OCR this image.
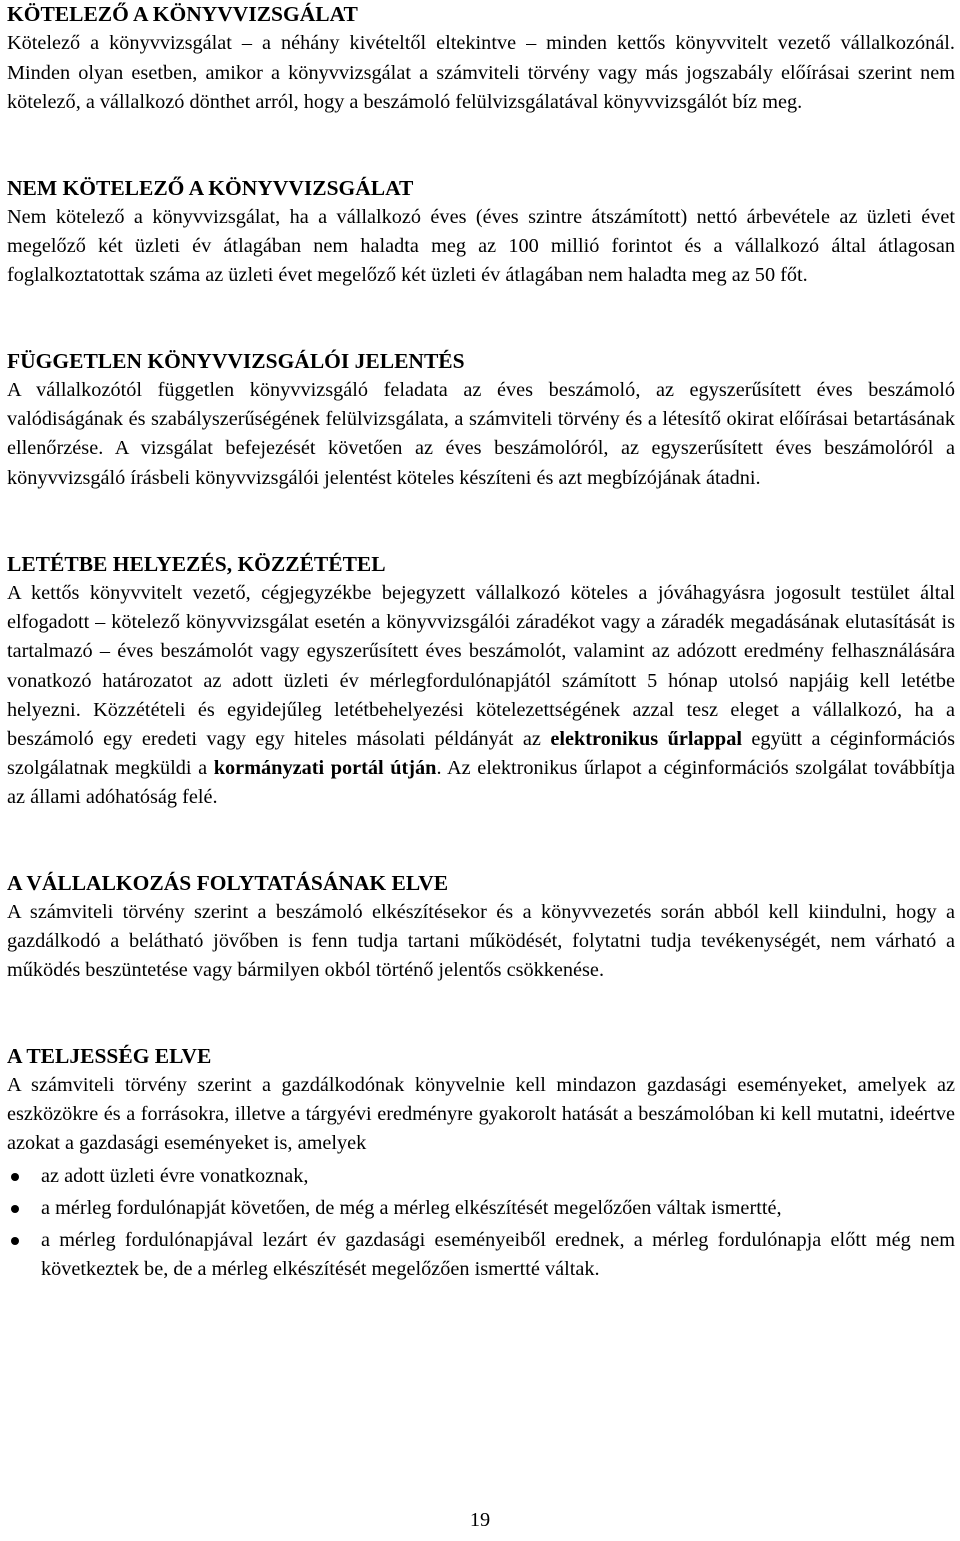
KÖTELEZŐ A KÖNYVVIZSGÁLAT

Kötelező a könyvvizsgálat – a néhány kivételtől eltekintve – minden kettős könyvvitelt vezető vállalkozónál. Minden olyan esetben, amikor a könyvvizsgálat a számviteli törvény vagy más jogszabály előírásai szerint nem kötelező, a vállalkozó dönthet arról, hogy a beszámoló felülvizsgálatával könyvvizsgálót bíz meg.

NEM KÖTELEZŐ A KÖNYVVIZSGÁLAT

Nem kötelező a könyvvizsgálat, ha a vállalkozó éves (éves szintre átszámított) nettó árbevétele az üzleti évet megelőző két üzleti év átlagában nem haladta meg az 100 millió forintot és a vállalkozó által átlagosan foglalkoztatottak száma az üzleti évet megelőző két üzleti év átlagában nem haladta meg az 50 főt.

FÜGGETLEN KÖNYVVIZSGÁLÓI JELENTÉS

A vállalkozótól független könyvvizsgáló feladata az éves beszámoló, az egyszerűsített éves beszámoló valódiságának és szabályszerűségének felülvizsgálata, a számviteli törvény és a létesítő okirat előírásai betartásának ellenőrzése. A vizsgálat befejezését követően az éves beszámolóról, az egyszerűsített éves beszámolóról a könyvvizsgáló írásbeli könyvvizsgálói jelentést köteles készíteni és azt megbízójának átadni.

LETÉTBE HELYEZÉS, KÖZZÉTÉTEL

A kettős könyvvitelt vezető, cégjegyzékbe bejegyzett vállalkozó köteles a jóváhagyásra jogosult testület által elfogadott – kötelező könyvvizsgálat esetén a könyvvizsgálói záradékot vagy a záradék megadásának elutasítását is tartalmazó – éves beszámolót vagy egyszerűsített éves beszámolót, valamint az adózott eredmény felhasználására vonatkozó határozatot az adott üzleti év mérlegfordulónapjától számított 5 hónap utolsó napjáig kell letétbe helyezni. Közzétételi és egyidejűleg letétbehelyezési kötelezettségének azzal tesz eleget a vállalkozó, ha a beszámoló egy eredeti vagy egy hiteles másolati példányát az elektronikus űrlappal együtt a céginformációs szolgálatnak megküldi a kormányzati portál útján. Az elektronikus űrlapot a céginformációs szolgálat továbbítja az állami adóhatóság felé.

A VÁLLALKOZÁS FOLYTATÁSÁNAK ELVE

A számviteli törvény szerint a beszámoló elkészítésekor és a könyvvezetés során abból kell kiindulni, hogy a gazdálkodó a belátható jövőben is fenn tudja tartani működését, folytatni tudja tevékenységét, nem várható a működés beszüntetése vagy bármilyen okból történő jelentős csökkenése.

A TELJESSÉG ELVE

A számviteli törvény szerint a gazdálkodónak könyvelnie kell mindazon gazdasági eseményeket, amelyek az eszközökre és a forrásokra, illetve a tárgyévi eredményre gyakorolt hatását a beszámolóban ki kell mutatni, ideértve azokat a gazdasági eseményeket is, amelyek

az adott üzleti évre vonatkoznak,
a mérleg fordulónapját követően, de még a mérleg elkészítését megelőzően váltak ismertté,
a mérleg fordulónapjával lezárt év gazdasági eseményeiből erednek, a mérleg fordulónapja előtt még nem következtek be, de a mérleg elkészítését megelőzően ismertté váltak.
19
